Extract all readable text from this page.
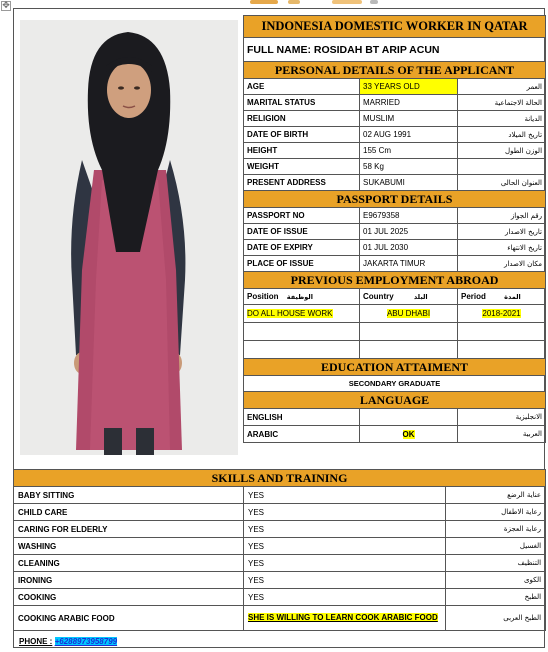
✥
INDONESIA DOMESTIC WORKER IN QATAR		
FULL NAME: ROSIDAH BT ARIP ACUN		
PERSONAL DETAILS OF THE APPLICANT		
AGE	33 YEARS OLD	العمر
MARITAL STATUS	MARRIED	الحالة الاجتماعية
RELIGION	MUSLIM	الديانة
DATE OF BIRTH	02 AUG 1991	تاريخ الميلاد
HEIGHT	155 Cm	الوزن الطول
WEIGHT	58 Kg	
PRESENT ADDRESS	SUKABUMI	العنوان الحالى
PASSPORT DETAILS		
PASSPORT NO	E9679358	رقم الجواز
DATE OF ISSUE	01 JUL 2025	تاريخ الاصدار
DATE OF EXPIRY	01 JUL 2030	تاريخ الانتهاء
PLACE OF ISSUE	JAKARTA TIMUR	مكان الاصدار
PREVIOUS EMPLOYMENT ABROAD		
Position الوظيفة	Country البلد	Period المدة
DO ALL HOUSE WORK	ABU DHABI	2018-2021

EDUCATION ATTAIMENT		
SECONDARY GRADUATE		
LANGUAGE		
ENGLISH		الانجليزية
ARABIC	OK	العربية
SKILLS AND TRAINING		
BABY SITTING	YES	عناية الرضع
CHILD CARE	YES	رعاية الاطفال
CARING FOR ELDERLY	YES	رعاية العجزة
WASHING	YES	الغسيل
CLEANING	YES	التنظيف
IRONING	YES	الكوى
COOKING	YES	الطبخ
COOKING ARABIC FOOD	SHE IS WILLING TO LEARN COOK ARABIC FOOD	الطبخ العربى
PHONE : +6288973958799
